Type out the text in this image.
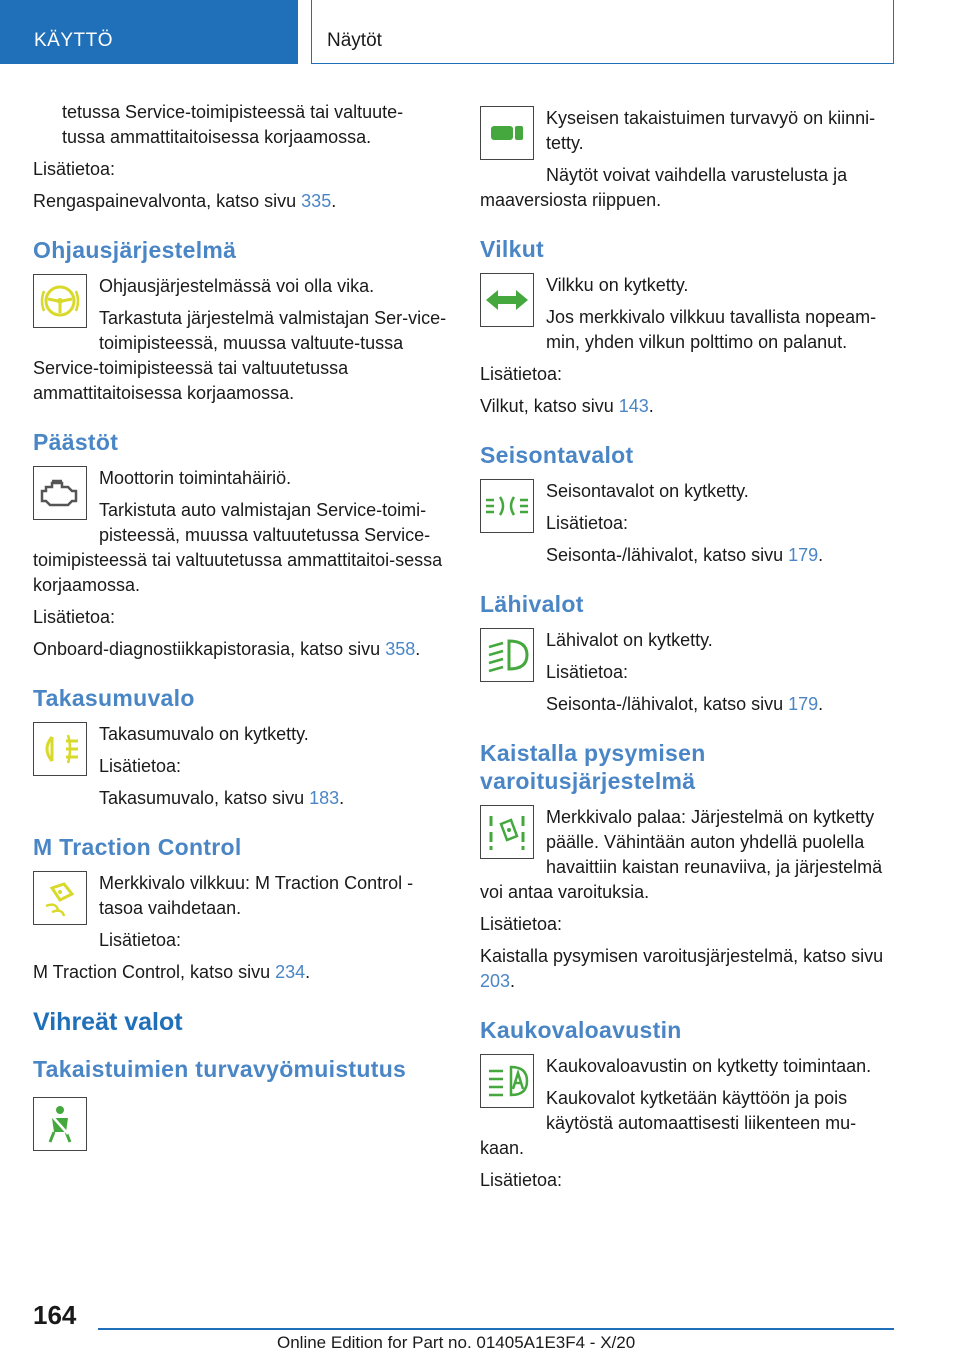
KÄYTTÖ	Näytöt

tetussa Service-toimipisteessä tai valtuute-
tussa ammattitaitoisessa korjaamossa.

Lisätietoa:

Rengaspainevalvonta, katso sivu 335.

Ohjausjärjestelmä

Ohjausjärjestelmässä voi olla vika.

Tarkastuta järjestelmä valmistajan Ser-vice-toimipisteessä, muussa valtuute-tussa Service-toimipisteessä tai valtuutetussa ammattitaitoisessa korjaamossa.

Päästöt

Moottorin toimintahäiriö.

Tarkistuta auto valmistajan Service-toimi-pisteessä, muussa valtuutetussa Service-toimipisteessä tai valtuutetussa ammattitaitoi-sessa korjaamossa.

Lisätietoa:

Onboard-diagnostiikkapistorasia, katso sivu 358.

Takasumuvalo

Takasumuvalo on kytketty.

Lisätietoa:

Takasumuvalo, katso sivu 183.

M Traction Control

Merkkivalo vilkkuu: M Traction Control -tasoa vaihdetaan.

Lisätietoa:

M Traction Control, katso sivu 234.

Vihreät valot
Takaistuimien turvavyömuistutus

Kyseisen takaistuimen turvavyö on kiinni-tetty.

Näytöt voivat vaihdella varustelusta ja maaversiosta riippuen.

Vilkut

Vilkku on kytketty.

Jos merkkivalo vilkkuu tavallista nopeam-min, yhden vilkun polttimo on palanut.

Lisätietoa:

Vilkut, katso sivu 143.

Seisontavalot

Seisontavalot on kytketty.

Lisätietoa:

Seisonta-/lähivalot, katso sivu 179.

Lähivalot

Lähivalot on kytketty.

Lisätietoa:

Seisonta-/lähivalot, katso sivu 179.

Kaistalla pysymisen
varoitusjärjestelmä

Merkkivalo palaa: Järjestelmä on kytketty päälle. Vähintään auton yhdellä puolella havaittiin kaistan reunaviiva, ja järjestelmä voi antaa varoituksia.

Lisätietoa:

Kaistalla pysymisen varoitusjärjestelmä, katso sivu 203.

Kaukovaloavustin

Kaukovaloavustin on kytketty toimintaan.

Kaukovalot kytketään käyttöön ja pois käytöstä automaattisesti liikenteen mu-kaan.

Lisätietoa:

164
Online Edition for Part no. 01405A1E3F4 - X/20
